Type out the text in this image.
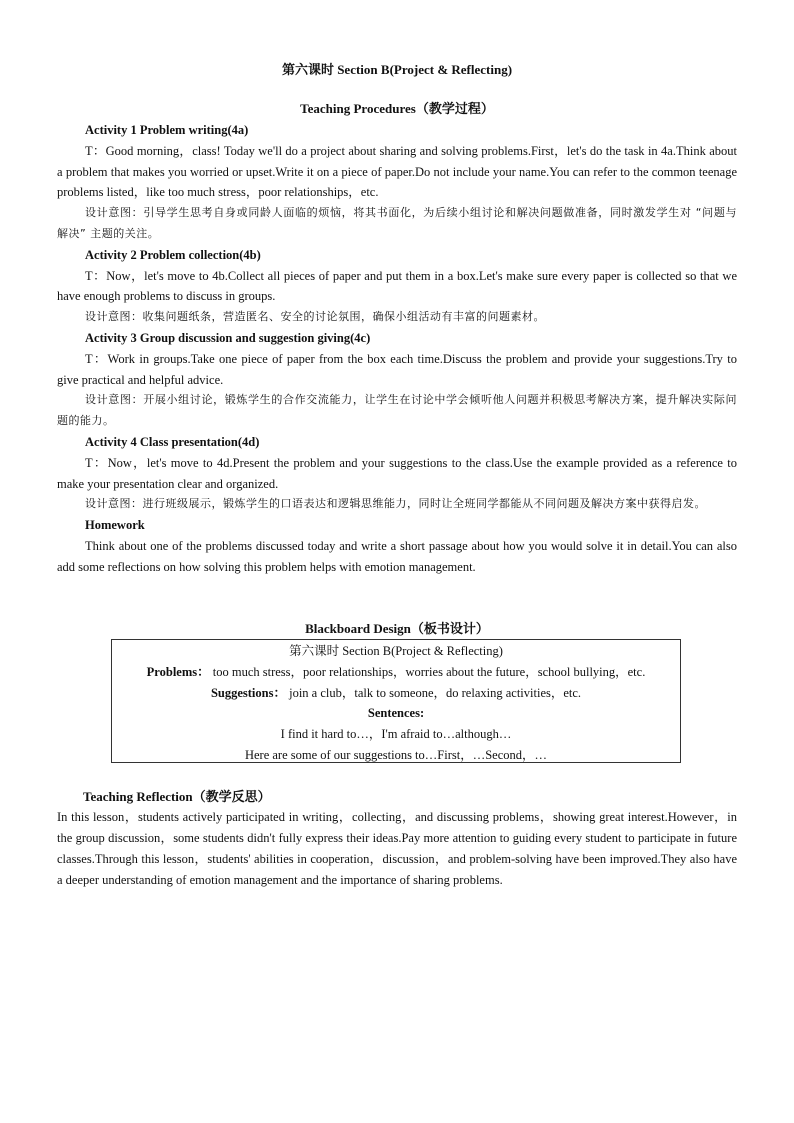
第六课时 Section B(Project & Reflecting)
Teaching Procedures（教学过程）

Activity 1 Problem writing(4a)

T：Good morning，class! Today we'll do a project about sharing and solving problems.First，let's do the task in 4a.Think about a problem that makes you worried or upset.Write it on a piece of paper.Do not include your name.You can refer to the common teenage problems listed，like too much stress，poor relationships，etc.

设计意图：引导学生思考自身或同龄人面临的烦恼，将其书面化，为后续小组讨论和解决问题做准备，同时激发学生对 “问题与解决” 主题的关注。

Activity 2 Problem collection(4b)

T：Now，let's move to 4b.Collect all pieces of paper and put them in a box.Let's make sure every paper is collected so that we have enough problems to discuss in groups.

设计意图：收集问题纸条，营造匿名、安全的讨论氛围，确保小组活动有丰富的问题素材。

Activity 3 Group discussion and suggestion giving(4c)

T：Work in groups.Take one piece of paper from the box each time.Discuss the problem and provide your suggestions.Try to give practical and helpful advice.

设计意图：开展小组讨论，锻炼学生的合作交流能力，让学生在讨论中学会倾听他人问题并积极思考解决方案，提升解决实际问题的能力。

Activity 4 Class presentation(4d)

T：Now，let's move to 4d.Present the problem and your suggestions to the class.Use the example provided as a reference to make your presentation clear and organized.

设计意图：进行班级展示，锻炼学生的口语表达和逻辑思维能力，同时让全班同学都能从不同问题及解决方案中获得启发。

Homework

Think about one of the problems discussed today and write a short passage about how you would solve it in detail.You can also add some reflections on how solving this problem helps with emotion management.

Blackboard Design（板书设计）
第六课时 Section B(Project & Reflecting)
Problems： too much stress，poor relationships，worries about the future，school bullying，etc.
Suggestions： join a club，talk to someone，do relaxing activities，etc.
Sentences:
I find it hard to…，I'm afraid to…although…
Here are some of our suggestions to…First，…Second，…
Teaching Reflection（教学反思）

In this lesson，students actively participated in writing，collecting，and discussing problems，showing great interest.However，in the group discussion，some students didn't fully express their ideas.Pay more attention to guiding every student to participate in future classes.Through this lesson，students' abilities in cooperation，discussion，and problem-solving have been improved.They also have a deeper understanding of emotion management and the importance of sharing problems.
